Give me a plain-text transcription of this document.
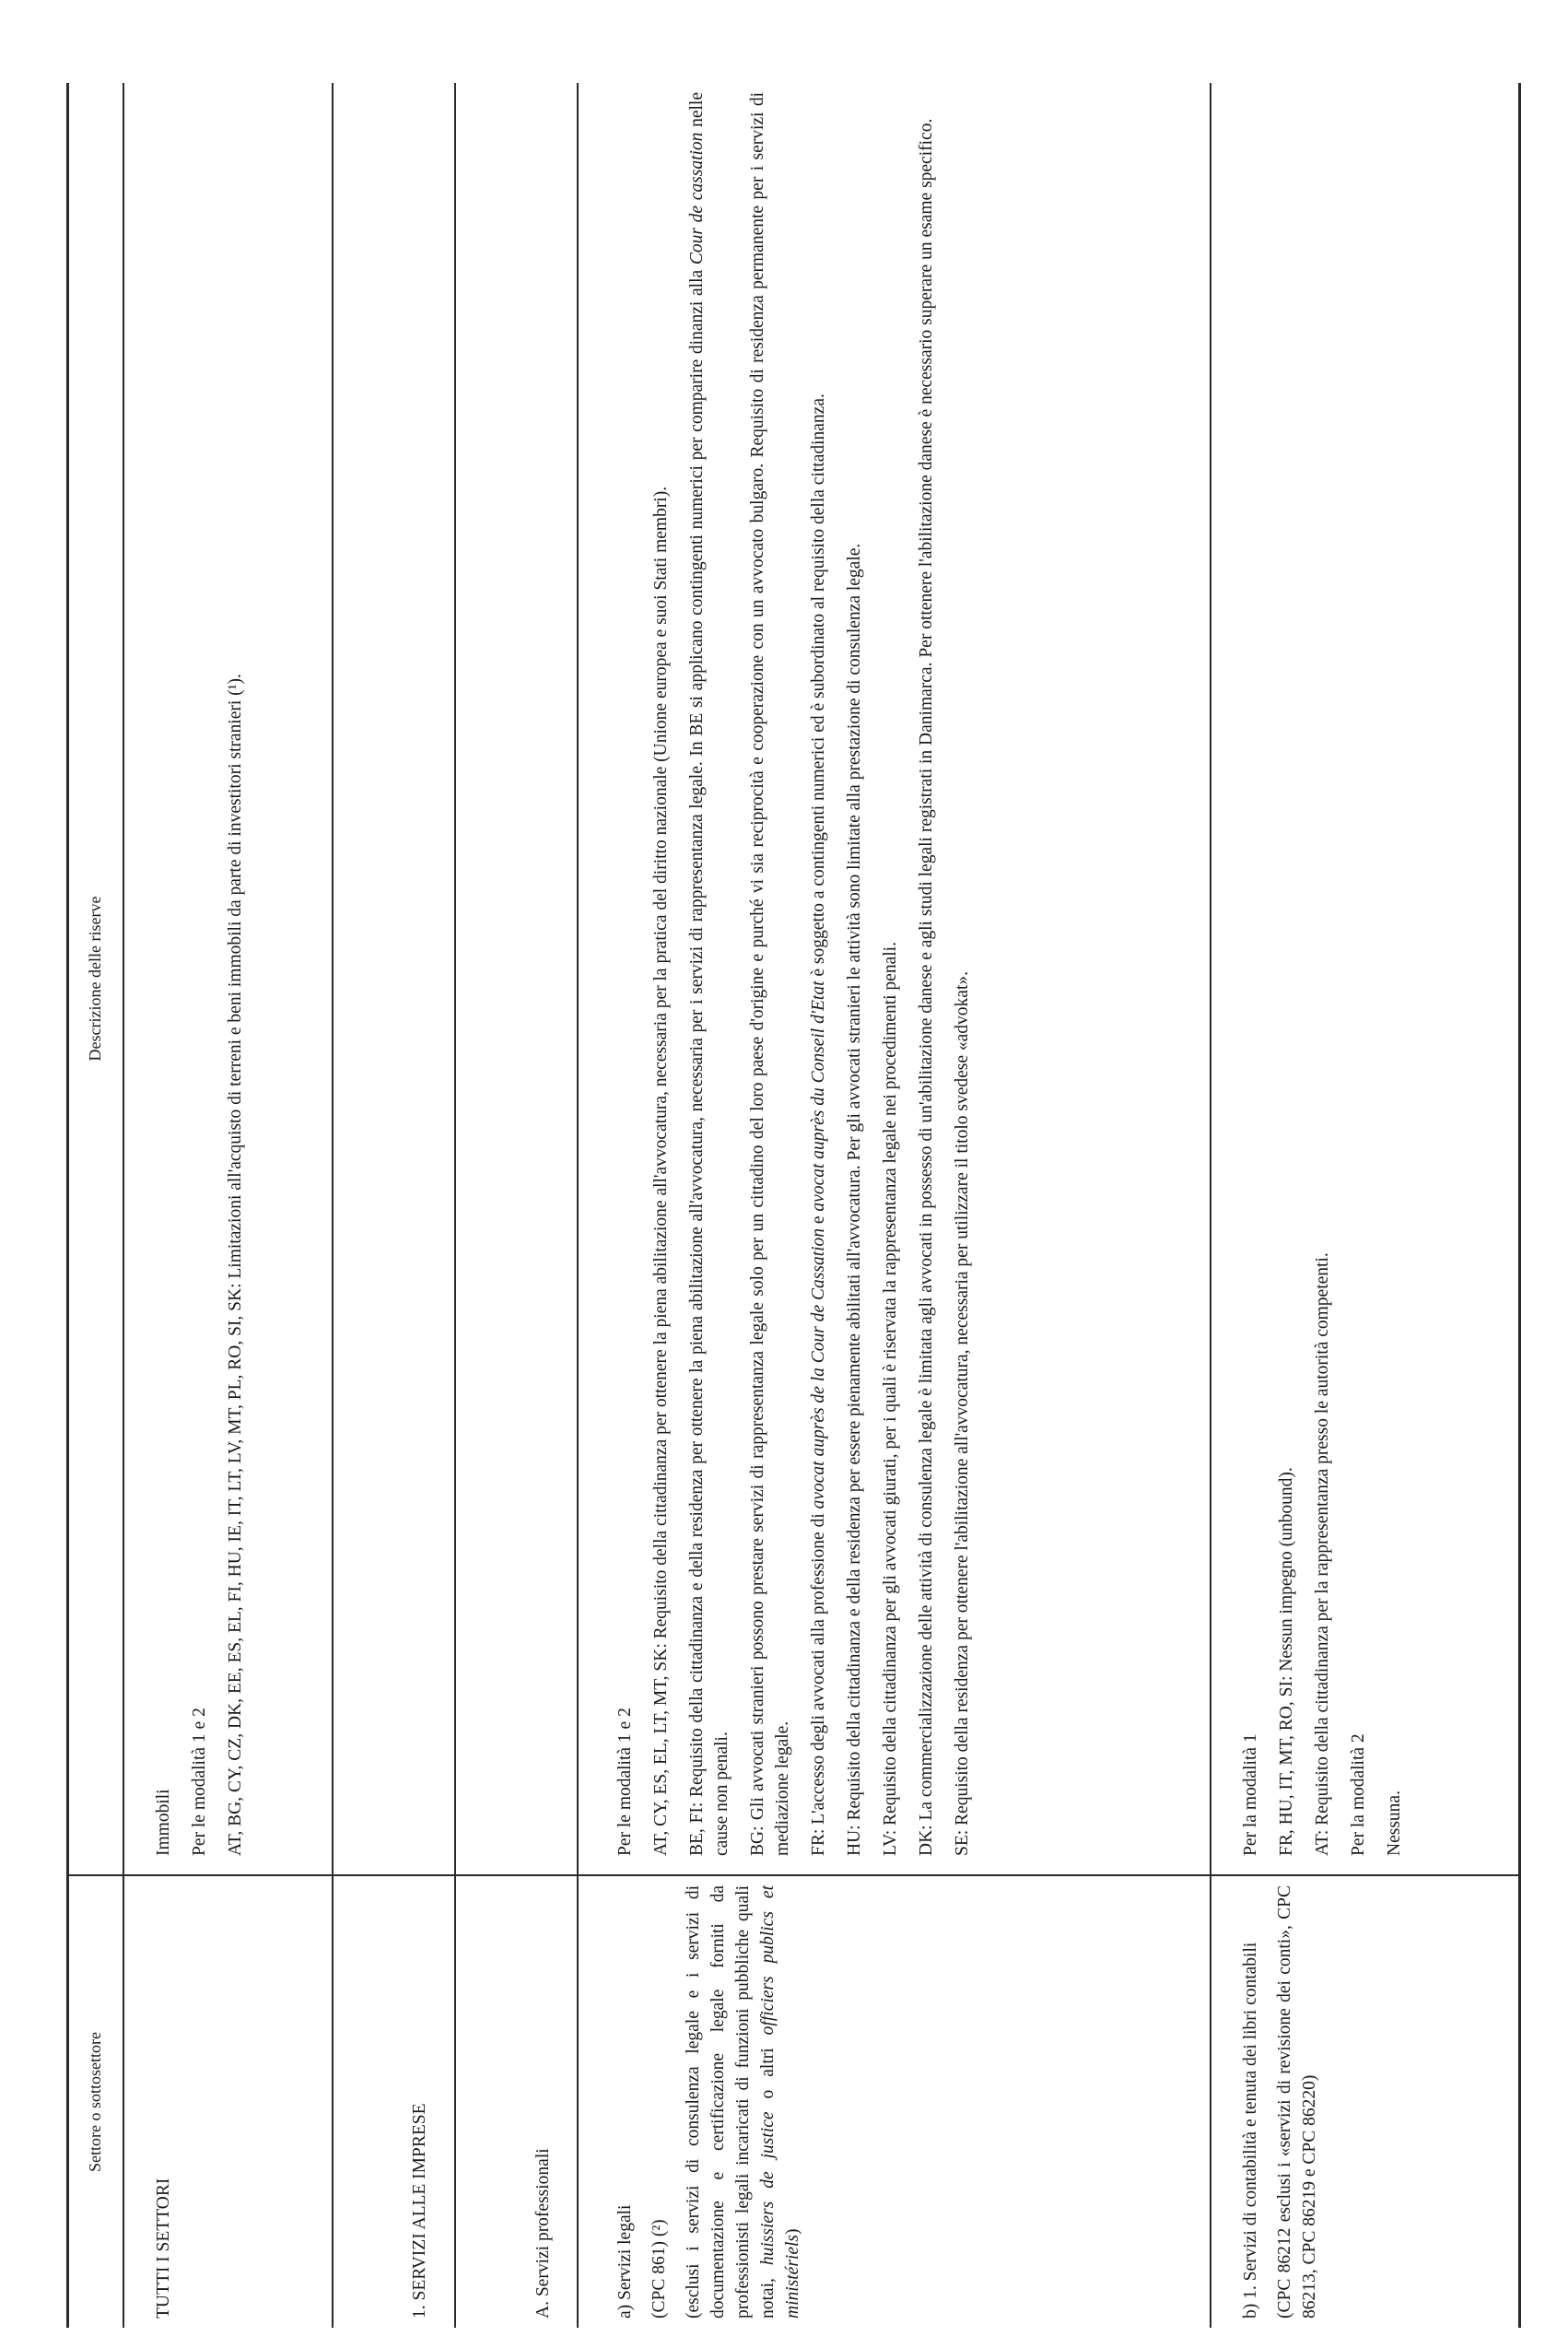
Settore o sottosettore
Descrizione delle riserve

TUTTI I SETTORI

Immobili Per le modalità 1 e 2 AT, BG, CY, CZ, DK, EE, ES, EL, FI, HU, IE, IT, LT, LV, MT, PL, RO, SI, SK: Limitazioni all'acquisto di terreni e beni immobili da parte di investitori stranieri (¹).

1. SERVIZI ALLE IMPRESE	A. Servizi professionali	a) Servizi legali (CPC 861) (²) (esclusi i servizi di consulenza legale e i servizi di documentazione e certificazione legale forniti da professionisti legali incaricati di funzioni pubbliche quali notai, huissiers de justice o altri officiers publics et ministériels)

Per le modalità 1 e 2 AT, CY, ES, EL, LT, MT, SK: Requisito della cittadinanza per ottenere la piena abilitazione all'avvocatura, necessaria per la pratica del diritto nazionale (Unione europea e suoi Stati membri). BE, FI: Requisito della cittadinanza e della residenza per ottenere la piena abilitazione all'avvocatura, necessaria per i servizi di rappresentanza legale. In BE si applicano contingenti numerici per comparire dinanzi alla Cour de cassation nelle cause non penali. BG: Gli avvocati stranieri possono prestare servizi di rappresentanza legale solo per un cittadino del loro paese d'origine e purché vi sia reciprocità e cooperazione con un avvocato bulgaro. Requisito di residenza permanente per i servizi di mediazione legale. FR: L'accesso degli avvocati alla professione di avocat auprès de la Cour de Cassation e avocat auprès du Conseil d'Etat è soggetto a contingenti numerici ed è subordinato al requisito della cittadinanza. HU: Requisito della cittadinanza e della residenza per essere pienamente abilitati all'avvocatura. Per gli avvocati stranieri le attività sono limitate alla prestazione di consulenza legale. LV: Requisito della cittadinanza per gli avvocati giurati, per i quali è riservata la rappresentanza legale nei procedimenti penali. DK: La commercializzazione delle attività di consulenza legale è limitata agli avvocati in possesso di un'abilitazione danese e agli studi legali registrati in Danimarca. Per ottenere l'abilitazione danese è necessario superare un esame specifico. SE: Requisito della residenza per ottenere l'abilitazione all'avvocatura, necessaria per utilizzare il titolo svedese «advokat».

b) 1. Servizi di contabilità e tenuta dei libri contabili (CPC 86212 esclusi i «servizi di revisione dei conti», CPC 86213, CPC 86219 e CPC 86220)

Per la modalità 1 FR, HU, IT, MT, RO, SI: Nessun impegno (unbound). AT: Requisito della cittadinanza per la rappresentanza presso le autorità competenti. Per la modalità 2 Nessuna.
